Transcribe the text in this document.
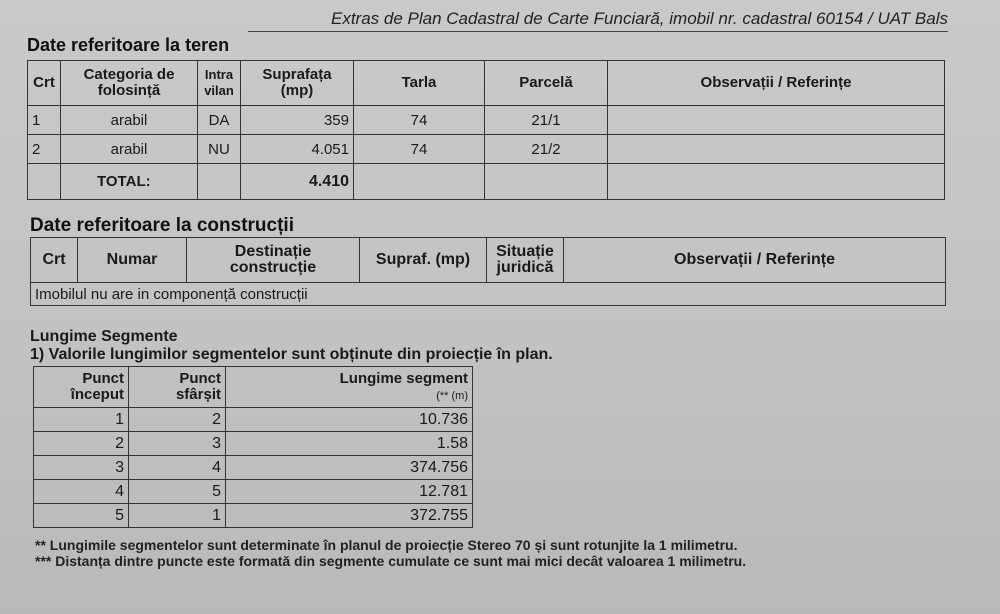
Extras de Plan Cadastral de Carte Funciară, imobil nr. cadastral 60154 / UAT Bals
Date referitoare la teren
Crt	Categoria de folosință	Intra vilan	Suprafața (mp)	Tarla	Parcelă	Observații / Referințe
1	arabil	DA	359	74	21/1	
2	arabil	NU	4.051	74	21/2	
	TOTAL:		4.410			
Date referitoare la construcții
Crt	Numar	Destinație construcție	Supraf. (mp)	Situație juridică	Observații / Referințe
Imobilul nu are in componență construcții
Lungime Segmente
1) Valorile lungimilor segmentelor sunt obținute din proiecție în plan.
Punct început	Punct sfârșit	Lungime segment
(** (m)
1	2	10.736
2	3	1.58
3	4	374.756
4	5	12.781
5	1	372.755
** Lungimile segmentelor sunt determinate în planul de proiecție Stereo 70 și sunt rotunjite la 1 milimetru.
*** Distanța dintre puncte este formată din segmente cumulate ce sunt mai mici decât valoarea 1 milimetru.
